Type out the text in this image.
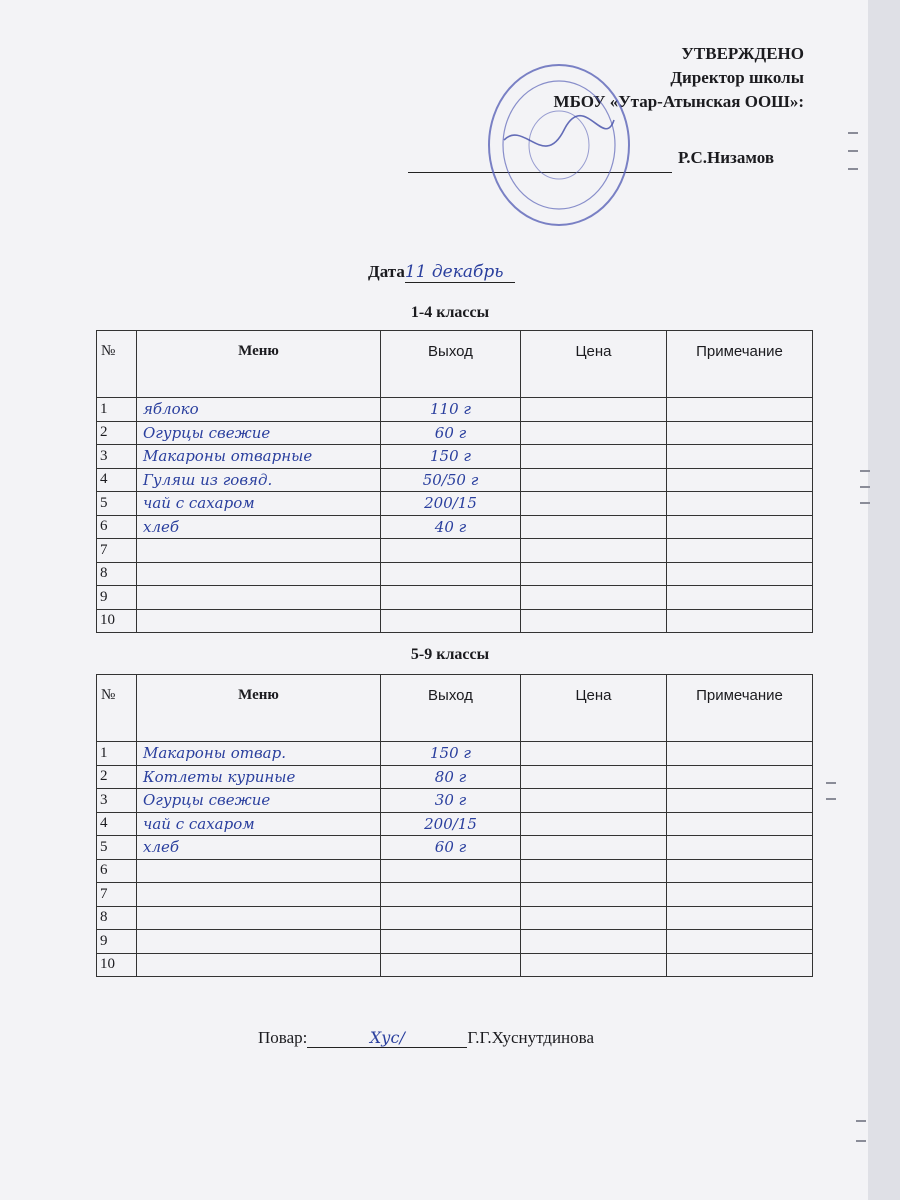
УТВЕРЖДЕНО
Директор школы
МБОУ «Утар-Атынская ООШ»:
Р.С.Низамов
Дата11 декабрь
1-4 классы
№	Меню	Выход	Цена	Примечание
1	яблоко	110 г		

2	Огурцы свежие	60 г		

3	Макароны отварные	150 г		

4	Гуляш из говяд.	50/50 г		

5	чай с сахаром	200/15		

6	хлеб	40 г		

7	

8	

9	

10	

5-9 классы
№	Меню	Выход	Цена	Примечание
1	Макароны отвар.	150 г		

2	Котлеты куриные	80 г		

3	Огурцы свежие	30 г		

4	чай с сахаром	200/15		

5	хлеб	60 г		

6	

7	

8	

9	

10	

Повар:	Хус/	Г.Г.Хуснутдинова
